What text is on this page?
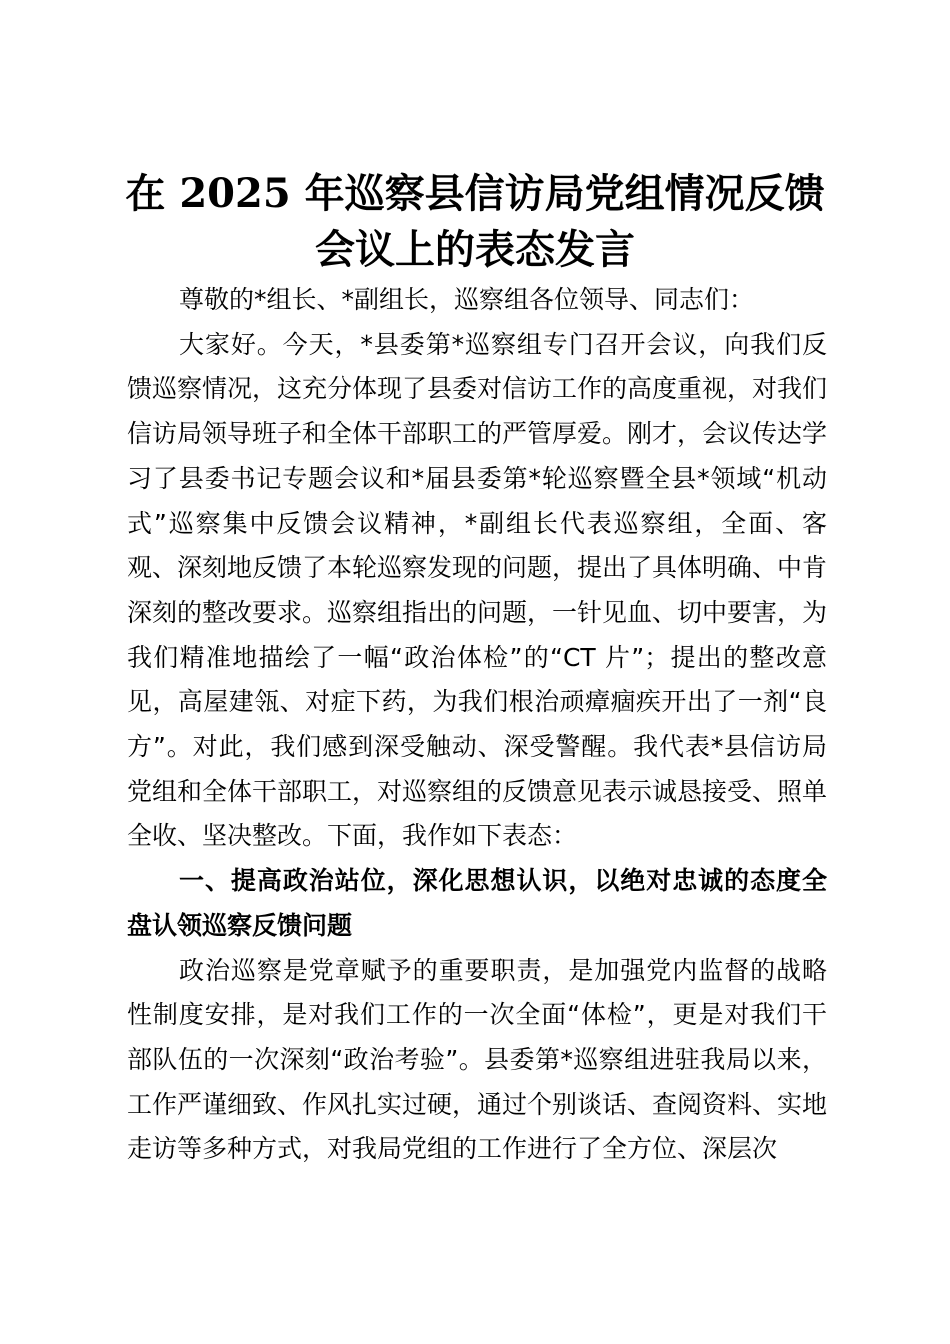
在 2025 年巡察县信访局党组情况反馈
会议上的表态发言

尊敬的*组长、*副组长，巡察组各位领导、同志们：

大家好。今天，*县委第*巡察组专门召开会议，向我们反馈巡察情况，这充分体现了县委对信访工作的高度重视，对我们信访局领导班子和全体干部职工的严管厚爱。刚才，会议传达学习了县委书记专题会议和*届县委第*轮巡察暨全县*领域“机动式”巡察集中反馈会议精神，*副组长代表巡察组，全面、客观、深刻地反馈了本轮巡察发现的问题，提出了具体明确、中肯深刻的整改要求。巡察组指出的问题，一针见血、切中要害，为我们精准地描绘了一幅“政治体检”的“CT 片”；提出的整改意见，高屋建瓴、对症下药，为我们根治顽瘴痼疾开出了一剂“良方”。对此，我们感到深受触动、深受警醒。我代表*县信访局党组和全体干部职工，对巡察组的反馈意见表示诚恳接受、照单全收、坚决整改。下面，我作如下表态：

一、提高政治站位，深化思想认识，以绝对忠诚的态度全盘认领巡察反馈问题

政治巡察是党章赋予的重要职责，是加强党内监督的战略性制度安排，是对我们工作的一次全面“体检”，更是对我们干部队伍的一次深刻“政治考验”。县委第*巡察组进驻我局以来，工作严谨细致、作风扎实过硬，通过个别谈话、查阅资料、实地走访等多种方式，对我局党组的工作进行了全方位、深层次
